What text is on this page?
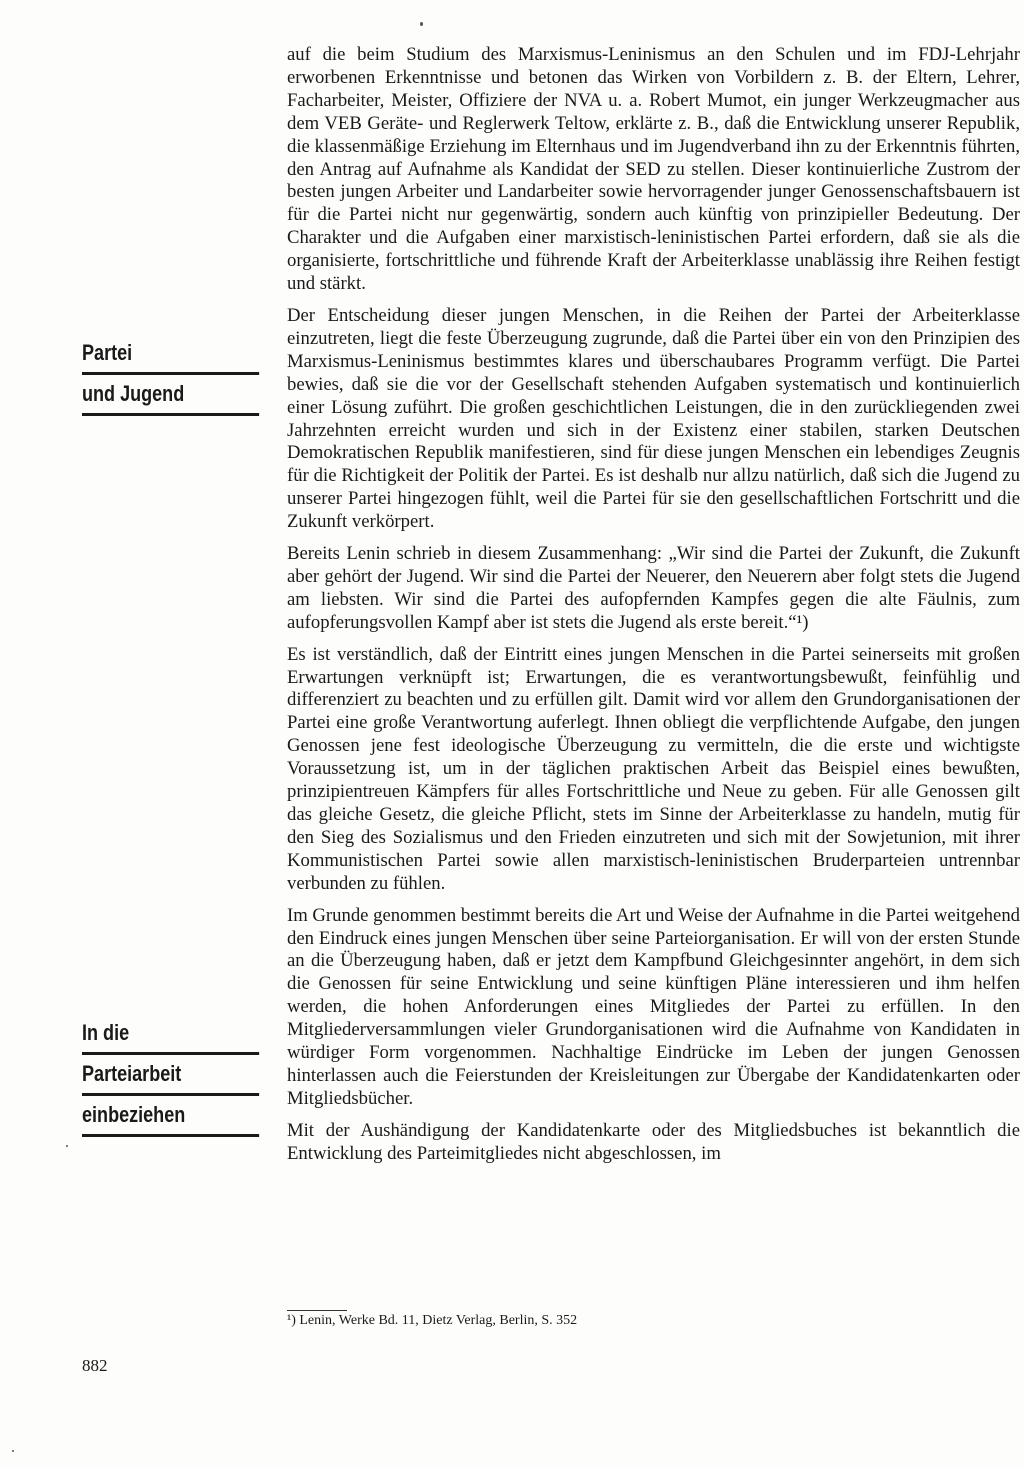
Partei
und Jugend
In die
Parteiarbeit
einbeziehen

auf die beim Studium des Marxismus-Leninismus an den Schulen und im FDJ-Lehrjahr erworbenen Erkenntnisse und betonen das Wirken von Vorbildern z. B. der Eltern, Lehrer, Facharbeiter, Meister, Offiziere der NVA u. a. Robert Mumot, ein junger Werkzeugmacher aus dem VEB Geräte- und Reglerwerk Teltow, erklärte z. B., daß die Entwicklung unserer Republik, die klassenmäßige Erziehung im Elternhaus und im Jugendverband ihn zu der Erkenntnis führten, den Antrag auf Aufnahme als Kandidat der SED zu stellen. Dieser kontinuierliche Zustrom der besten jungen Arbeiter und Landarbeiter sowie hervorragender junger Genossenschaftsbauern ist für die Partei nicht nur gegenwärtig, sondern auch künftig von prinzipieller Bedeutung. Der Charakter und die Aufgaben einer marxistisch-leninistischen Partei erfordern, daß sie als die organisierte, fortschrittliche und führende Kraft der Arbeiterklasse unablässig ihre Reihen festigt und stärkt.

Der Entscheidung dieser jungen Menschen, in die Reihen der Partei der Arbeiterklasse einzutreten, liegt die feste Überzeugung zugrunde, daß die Partei über ein von den Prinzipien des Marxismus-Leninismus bestimmtes klares und überschaubares Programm verfügt. Die Partei bewies, daß sie die vor der Gesellschaft stehenden Aufgaben systematisch und kontinuierlich einer Lösung zuführt. Die großen geschichtlichen Leistungen, die in den zurückliegenden zwei Jahrzehnten erreicht wurden und sich in der Existenz einer stabilen, starken Deutschen Demokratischen Republik manifestieren, sind für diese jungen Menschen ein lebendiges Zeugnis für die Richtigkeit der Politik der Partei. Es ist deshalb nur allzu natürlich, daß sich die Jugend zu unserer Partei hingezogen fühlt, weil die Partei für sie den gesellschaftlichen Fortschritt und die Zukunft verkörpert.

Bereits Lenin schrieb in diesem Zusammenhang: „Wir sind die Partei der Zukunft, die Zukunft aber gehört der Jugend. Wir sind die Partei der Neuerer, den Neuerern aber folgt stets die Jugend am liebsten. Wir sind die Partei des aufopfernden Kampfes gegen die alte Fäulnis, zum aufopferungsvollen Kampf aber ist stets die Jugend als erste bereit.“¹)

Es ist verständlich, daß der Eintritt eines jungen Menschen in die Partei seinerseits mit großen Erwartungen verknüpft ist; Erwartungen, die es verantwortungsbewußt, feinfühlig und differenziert zu beachten und zu erfüllen gilt. Damit wird vor allem den Grundorganisationen der Partei eine große Verantwortung auferlegt. Ihnen obliegt die verpflichtende Aufgabe, den jungen Genossen jene fest ideologische Überzeugung zu vermitteln, die die erste und wichtigste Voraussetzung ist, um in der täglichen praktischen Arbeit das Beispiel eines bewußten, prinzipientreuen Kämpfers für alles Fortschrittliche und Neue zu geben. Für alle Genossen gilt das gleiche Gesetz, die gleiche Pflicht, stets im Sinne der Arbeiterklasse zu handeln, mutig für den Sieg des Sozialismus und den Frieden einzutreten und sich mit der Sowjetunion, mit ihrer Kommunistischen Partei sowie allen marxistisch-leninistischen Bruderparteien untrennbar verbunden zu fühlen.

Im Grunde genommen bestimmt bereits die Art und Weise der Aufnahme in die Partei weitgehend den Eindruck eines jungen Menschen über seine Parteiorganisation. Er will von der ersten Stunde an die Überzeugung haben, daß er jetzt dem Kampfbund Gleichgesinnter angehört, in dem sich die Genossen für seine Entwicklung und seine künftigen Pläne interessieren und ihm helfen werden, die hohen Anforderungen eines Mitgliedes der Partei zu erfüllen. In den Mitgliederversammlungen vieler Grundorganisationen wird die Aufnahme von Kandidaten in würdiger Form vorgenommen. Nachhaltige Eindrücke im Leben der jungen Genossen hinterlassen auch die Feierstunden der Kreisleitungen zur Übergabe der Kandidatenkarten oder Mitgliedsbücher.

Mit der Aushändigung der Kandidatenkarte oder des Mitgliedsbuches ist bekanntlich die Entwicklung des Parteimitgliedes nicht abgeschlossen, im

¹) Lenin, Werke Bd. 11, Dietz Verlag, Berlin, S. 352
882
